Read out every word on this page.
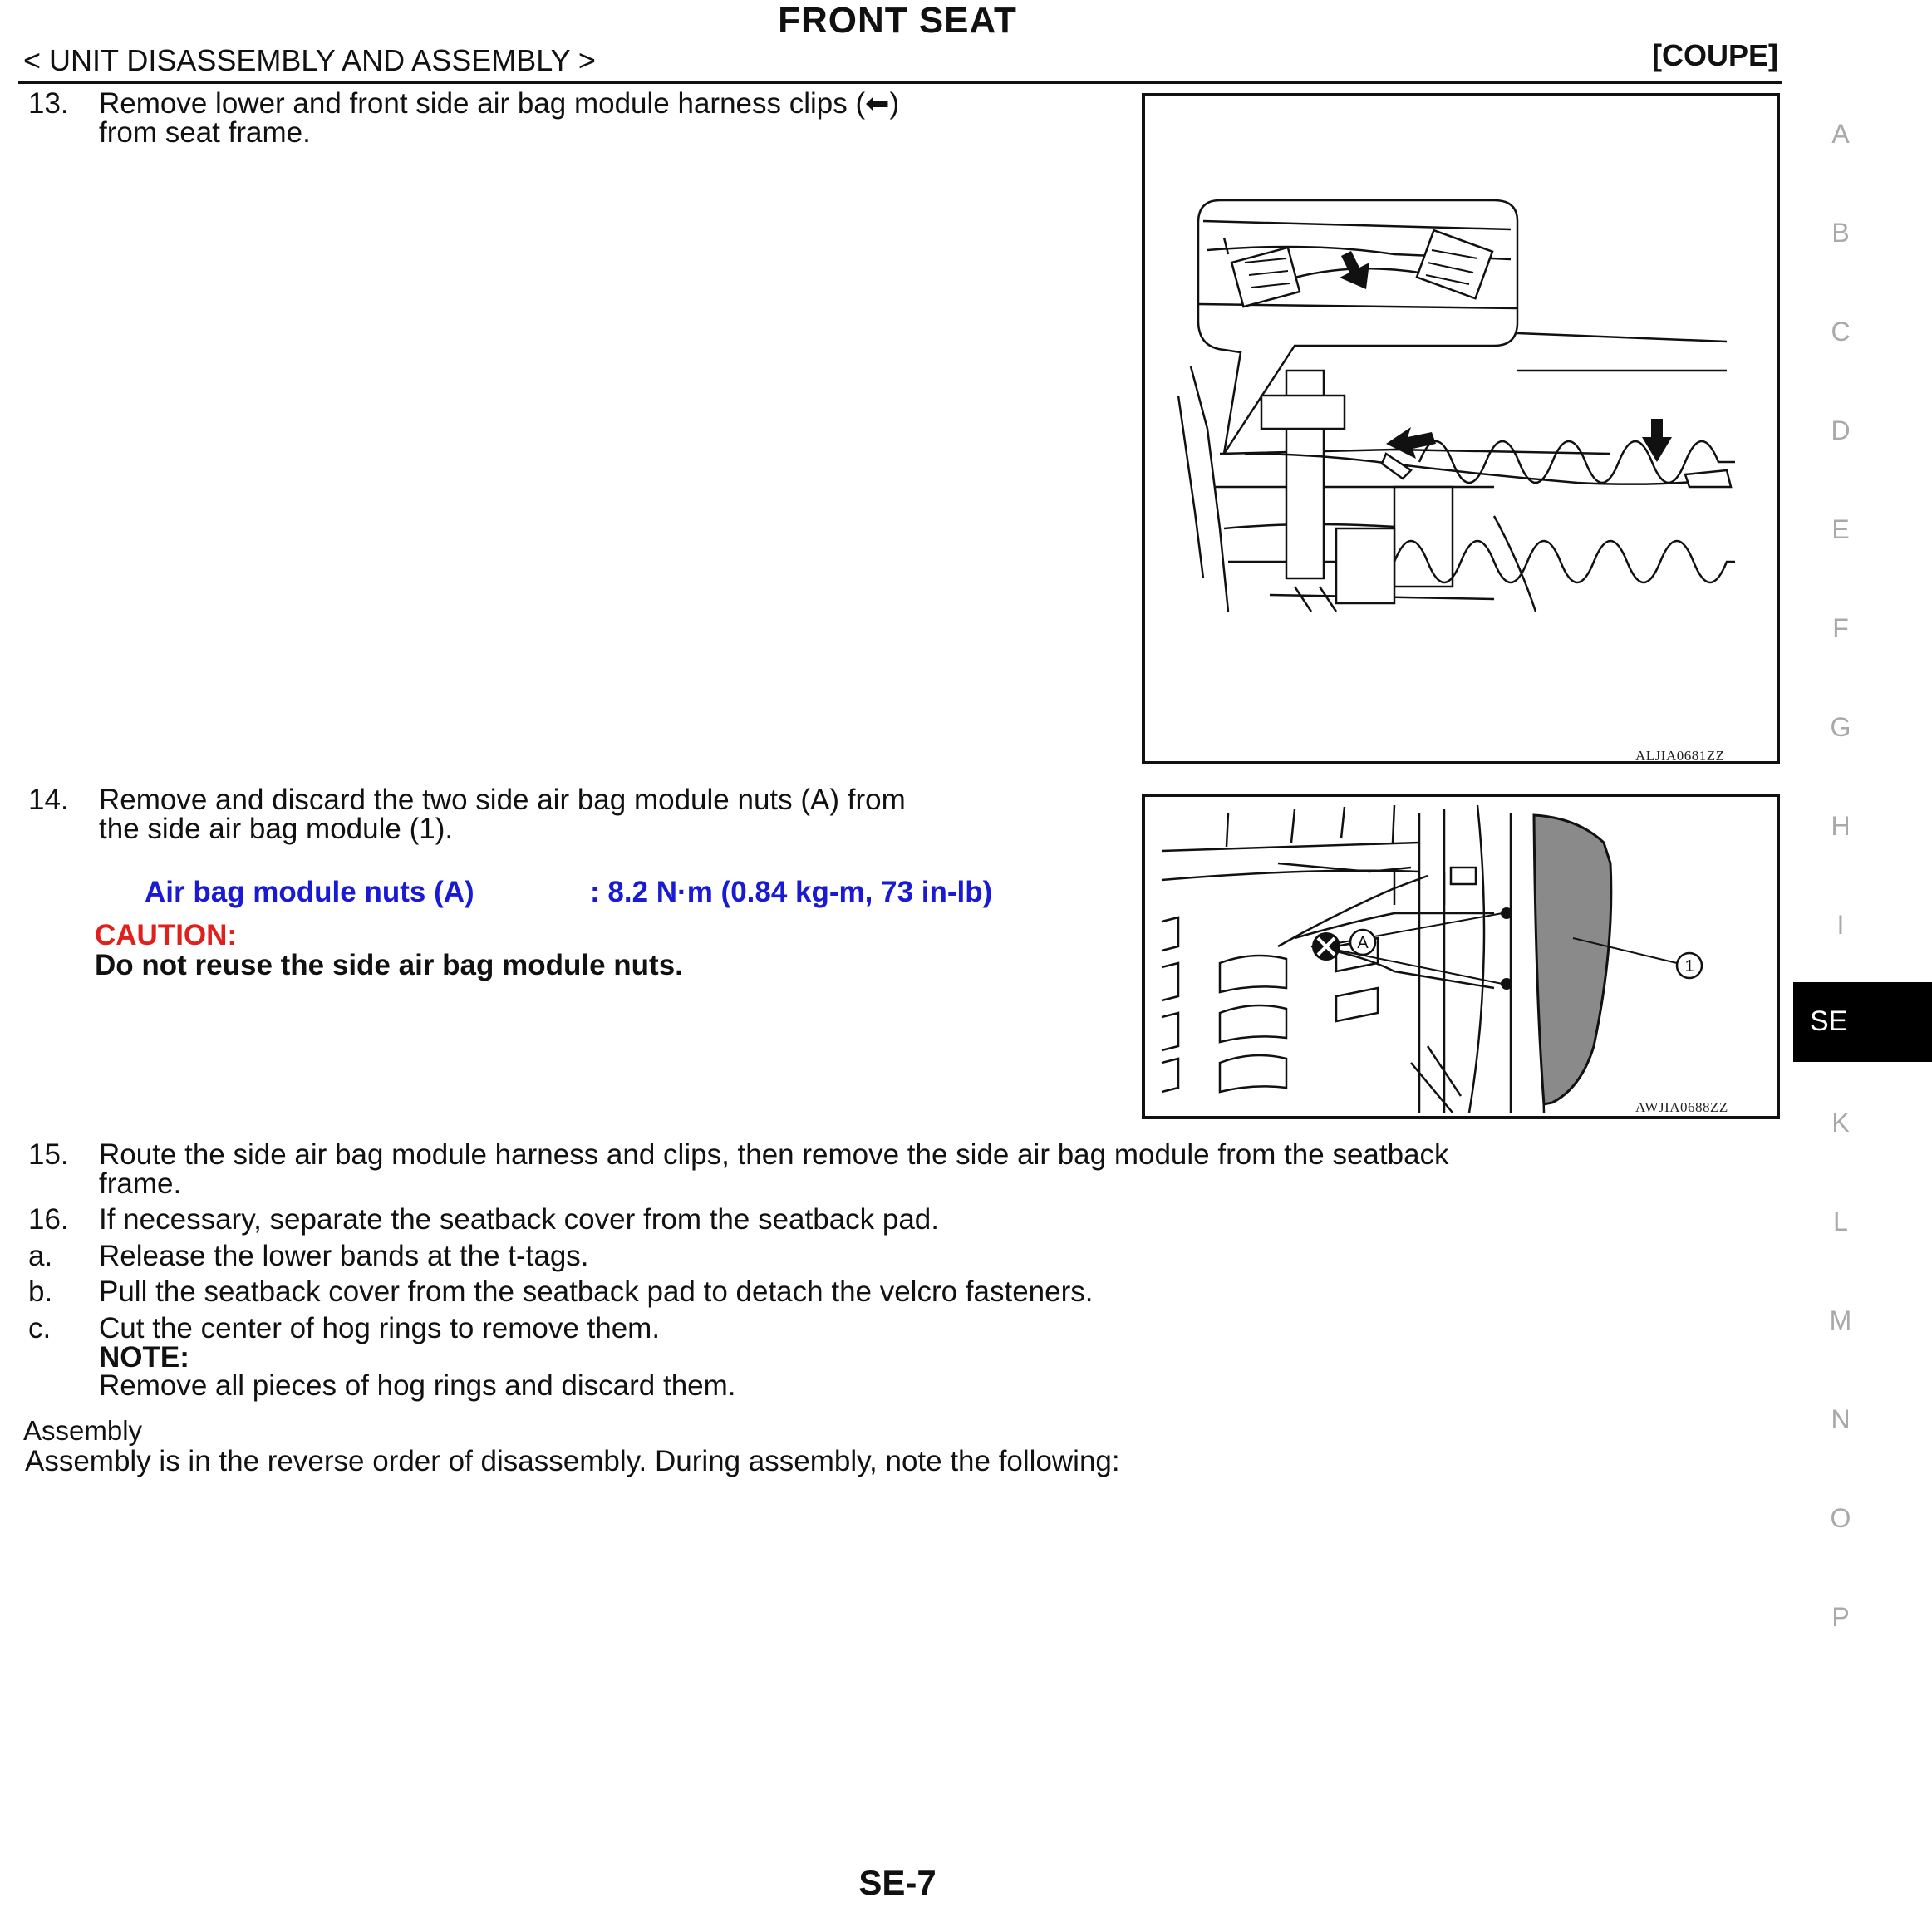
FRONT SEAT
< UNIT DISASSEMBLY AND ASSEMBLY >	[COUPE]
13. Remove lower and front side air bag module harness clips (⬅)
from seat frame.
ALJIA0681ZZ
14. Remove and discard the two side air bag module nuts (A) from
the side air bag module (1).
Air bag module nuts (A)	: 8.2 N·m (0.84 kg-m, 73 in-lb)
CAUTION:
Do not reuse the side air bag module nuts.
A
1
AWJIA0688ZZ
15. Route the side air bag module harness and clips, then remove the side air bag module from the seatback
frame.
16. If necessary, separate the seatback cover from the seatback pad.
a. Release the lower bands at the t-tags.
b. Pull the seatback cover from the seatback pad to detach the velcro fasteners.
c. Cut the center of hog rings to remove them.
NOTE:
Remove all pieces of hog rings and discard them.
Assembly
Assembly is in the reverse order of disassembly. During assembly, note the following:
A
B
C
D
E
F
G
H
I
SE
K
L
M
N
O
P
SE-7
